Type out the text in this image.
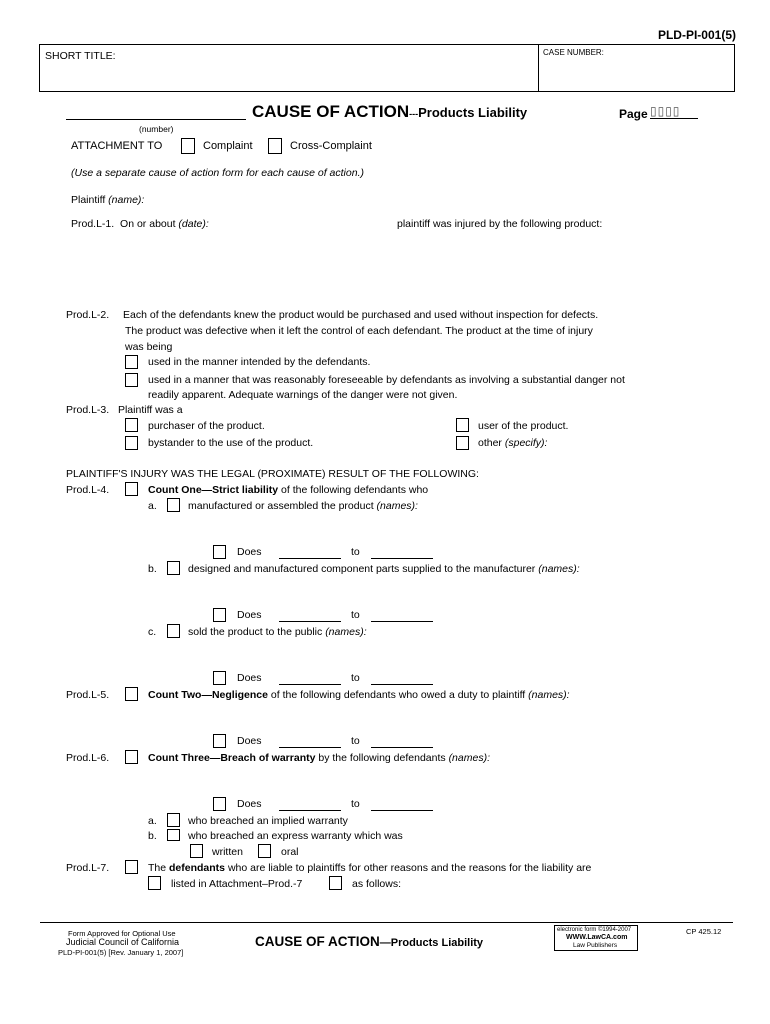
PLD-PI-001(5)
SHORT TITLE:	CASE NUMBER:
CAUSE OF ACTION---Products Liability	Page ▯▯▯▯
(number)
ATTACHMENT TO	Complaint	Cross-Complaint
(Use a separate cause of action form for each cause of action.)
Plaintiff (name):
Prod.L-1. On or about (date):	plaintiff was injured by the following product:
Prod.L-2. Each of the defendants knew the product would be purchased and used without inspection for defects.
The product was defective when it left the control of each defendant. The product at the time of injury
was being
used in the manner intended by the defendants.
used in a manner that was reasonably foreseeable by defendants as involving a substantial danger not
readily apparent. Adequate warnings of the danger were not given.
Prod.L-3. Plaintiff was a
purchaser of the product.
bystander to the use of the product.
user of the product.
other (specify):
PLAINTIFF'S INJURY WAS THE LEGAL (PROXIMATE) RESULT OF THE FOLLOWING:
Prod.L-4.	Count One—Strict liability of the following defendants who
a.	manufactured or assembled the product (names):
Does	to
b.	designed and manufactured component parts supplied to the manufacturer (names):
Does	to
c.	sold the product to the public (names):
Does	to
Prod.L-5.	Count Two—Negligence of the following defendants who owed a duty to plaintiff (names):
Does	to
Prod.L-6.	Count Three—Breach of warranty by the following defendants (names):
Does	to
a.	who breached an implied warranty
b.	who breached an express warranty which was
written	oral
Prod.L-7.	The defendants who are liable to plaintiffs for other reasons and the reasons for the liability are
listed in Attachment–Prod.-7	as follows:
Form Approved for Optional Use
Judicial Council of California
PLD-PI-001(5) [Rev. January 1, 2007]
CAUSE OF ACTION—Products Liability
electronic form ©1994-2007
WWW.LawCA.com
Law Publishers
CP 425.12
